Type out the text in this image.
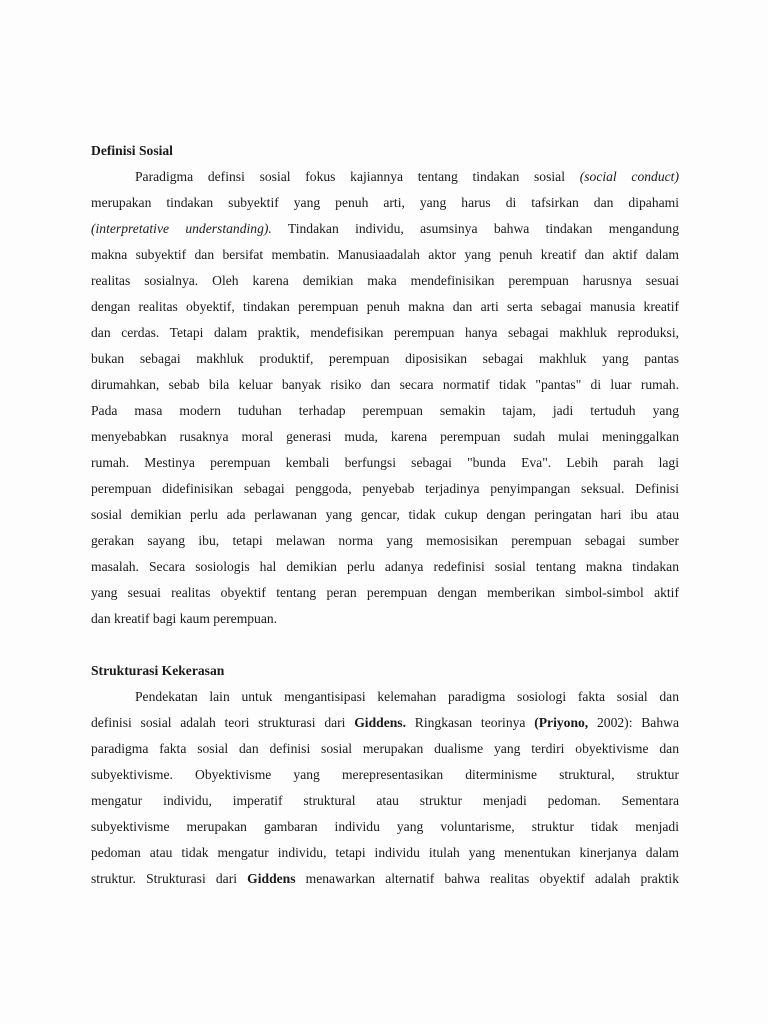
Definisi Sosial
Paradigma definsi sosial fokus kajiannya tentang tindakan sosial (social conduct)
merupakan tindakan subyektif yang penuh arti, yang harus di tafsirkan dan dipahami
(interpretative understanding). Tindakan individu, asumsinya bahwa tindakan mengandung
makna subyektif dan bersifat membatin. Manusiaadalah aktor yang penuh kreatif dan aktif dalam
realitas sosialnya. Oleh karena demikian maka mendefinisikan perempuan harusnya sesuai
dengan realitas obyektif, tindakan perempuan penuh makna dan arti serta sebagai manusia kreatif
dan cerdas. Tetapi dalam praktik, mendefisikan perempuan hanya sebagai makhluk reproduksi,
bukan sebagai makhluk produktif, perempuan diposisikan sebagai makhluk yang pantas
dirumahkan, sebab bila keluar banyak risiko dan secara normatif tidak "pantas" di luar rumah.
Pada masa modern tuduhan terhadap perempuan semakin tajam, jadi tertuduh yang
menyebabkan rusaknya moral generasi muda, karena perempuan sudah mulai meninggalkan
rumah. Mestinya perempuan kembali berfungsi sebagai "bunda Eva". Lebih parah lagi
perempuan didefinisikan sebagai penggoda, penyebab terjadinya penyimpangan seksual. Definisi
sosial demikian perlu ada perlawanan yang gencar, tidak cukup dengan peringatan hari ibu atau
gerakan sayang ibu, tetapi melawan norma yang memosisikan perempuan sebagai sumber
masalah. Secara sosiologis hal demikian perlu adanya redefinisi sosial tentang makna tindakan
yang sesuai realitas obyektif tentang peran perempuan dengan memberikan simbol-simbol aktif
dan kreatif bagi kaum perempuan.
Strukturasi Kekerasan
Pendekatan lain untuk mengantisipasi kelemahan paradigma sosiologi fakta sosial dan
definisi sosial adalah teori strukturasi dari Giddens. Ringkasan teorinya (Priyono, 2002): Bahwa
paradigma fakta sosial dan definisi sosial merupakan dualisme yang terdiri obyektivisme dan
subyektivisme. Obyektivisme yang merepresentasikan diterminisme struktural, struktur
mengatur individu, imperatif struktural atau struktur menjadi pedoman. Sementara
subyektivisme merupakan gambaran individu yang voluntarisme, struktur tidak menjadi
pedoman atau tidak mengatur individu, tetapi individu itulah yang menentukan kinerjanya dalam
struktur. Strukturasi dari Giddens menawarkan alternatif bahwa realitas obyektif adalah praktik
